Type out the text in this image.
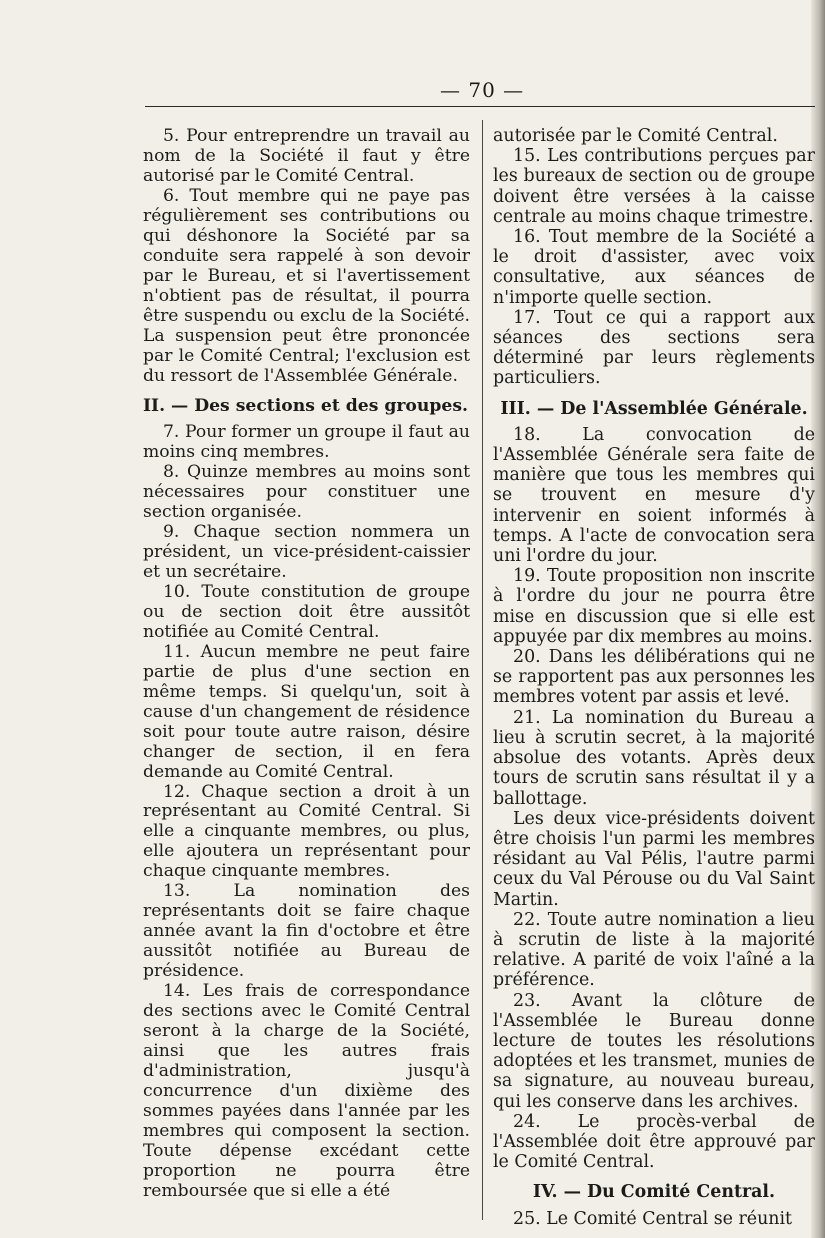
— 70 —

5. Pour entreprendre un travail au nom de la Société il faut y être autorisé par le Comité Central.

6. Tout membre qui ne paye pas régulièrement ses contributions ou qui déshonore la Société par sa conduite sera rappelé à son devoir par le Bureau, et si l'avertissement n'obtient pas de résultat, il pourra être suspendu ou exclu de la Société. La suspension peut être prononcée par le Comité Central; l'exclusion est du ressort de l'Assemblée Générale.

II. — Des sections et des groupes.

7. Pour former un groupe il faut au moins cinq membres.

8. Quinze membres au moins sont nécessaires pour constituer une section organisée.

9. Chaque section nommera un président, un vice-président-caissier et un secrétaire.

10. Toute constitution de groupe ou de section doit être aussitôt notifiée au Comité Central.

11. Aucun membre ne peut faire partie de plus d'une section en même temps. Si quelqu'un, soit à cause d'un changement de résidence soit pour toute autre raison, désire changer de section, il en fera demande au Comité Central.

12. Chaque section a droit à un représentant au Comité Central. Si elle a cinquante membres, ou plus, elle ajoutera un représentant pour chaque cinquante membres.

13. La nomination des représentants doit se faire chaque année avant la fin d'octobre et être aussitôt notifiée au Bureau de présidence.

14. Les frais de correspondance des sections avec le Comité Central seront à la charge de la Société, ainsi que les autres frais d'administration, jusqu'à concurrence d'un dixième des sommes payées dans l'année par les membres qui composent la section. Toute dépense excédant cette proportion ne pourra être remboursée que si elle a été

autorisée par le Comité Central.

15. Les contributions perçues par les bureaux de section ou de groupe doivent être versées à la caisse centrale au moins chaque trimestre.

16. Tout membre de la Société a le droit d'assister, avec voix consultative, aux séances de n'importe quelle section.

17. Tout ce qui a rapport aux séances des sections sera déterminé par leurs règlements particuliers.

III. — De l'Assemblée Générale.

18. La convocation de l'Assemblée Générale sera faite de manière que tous les membres qui se trouvent en mesure d'y intervenir en soient informés à temps. A l'acte de convocation sera uni l'ordre du jour.

19. Toute proposition non inscrite à l'ordre du jour ne pourra être mise en discussion que si elle est appuyée par dix membres au moins.

20. Dans les délibérations qui ne se rapportent pas aux personnes les membres votent par assis et levé.

21. La nomination du Bureau a lieu à scrutin secret, à la majorité absolue des votants. Après deux tours de scrutin sans résultat il y a ballottage.

Les deux vice-présidents doivent être choisis l'un parmi les membres résidant au Val Pélis, l'autre parmi ceux du Val Pérouse ou du Val Saint Martin.

22. Toute autre nomination a lieu à scrutin de liste à la majorité relative. A parité de voix l'aîné a la préférence.

23. Avant la clôture de l'Assemblée le Bureau donne lecture de toutes les résolutions adoptées et les transmet, munies de sa signature, au nouveau bureau, qui les conserve dans les archives.

24. Le procès-verbal de l'Assemblée doit être approuvé par le Comité Central.

IV. — Du Comité Central.

25. Le Comité Central se réunit
